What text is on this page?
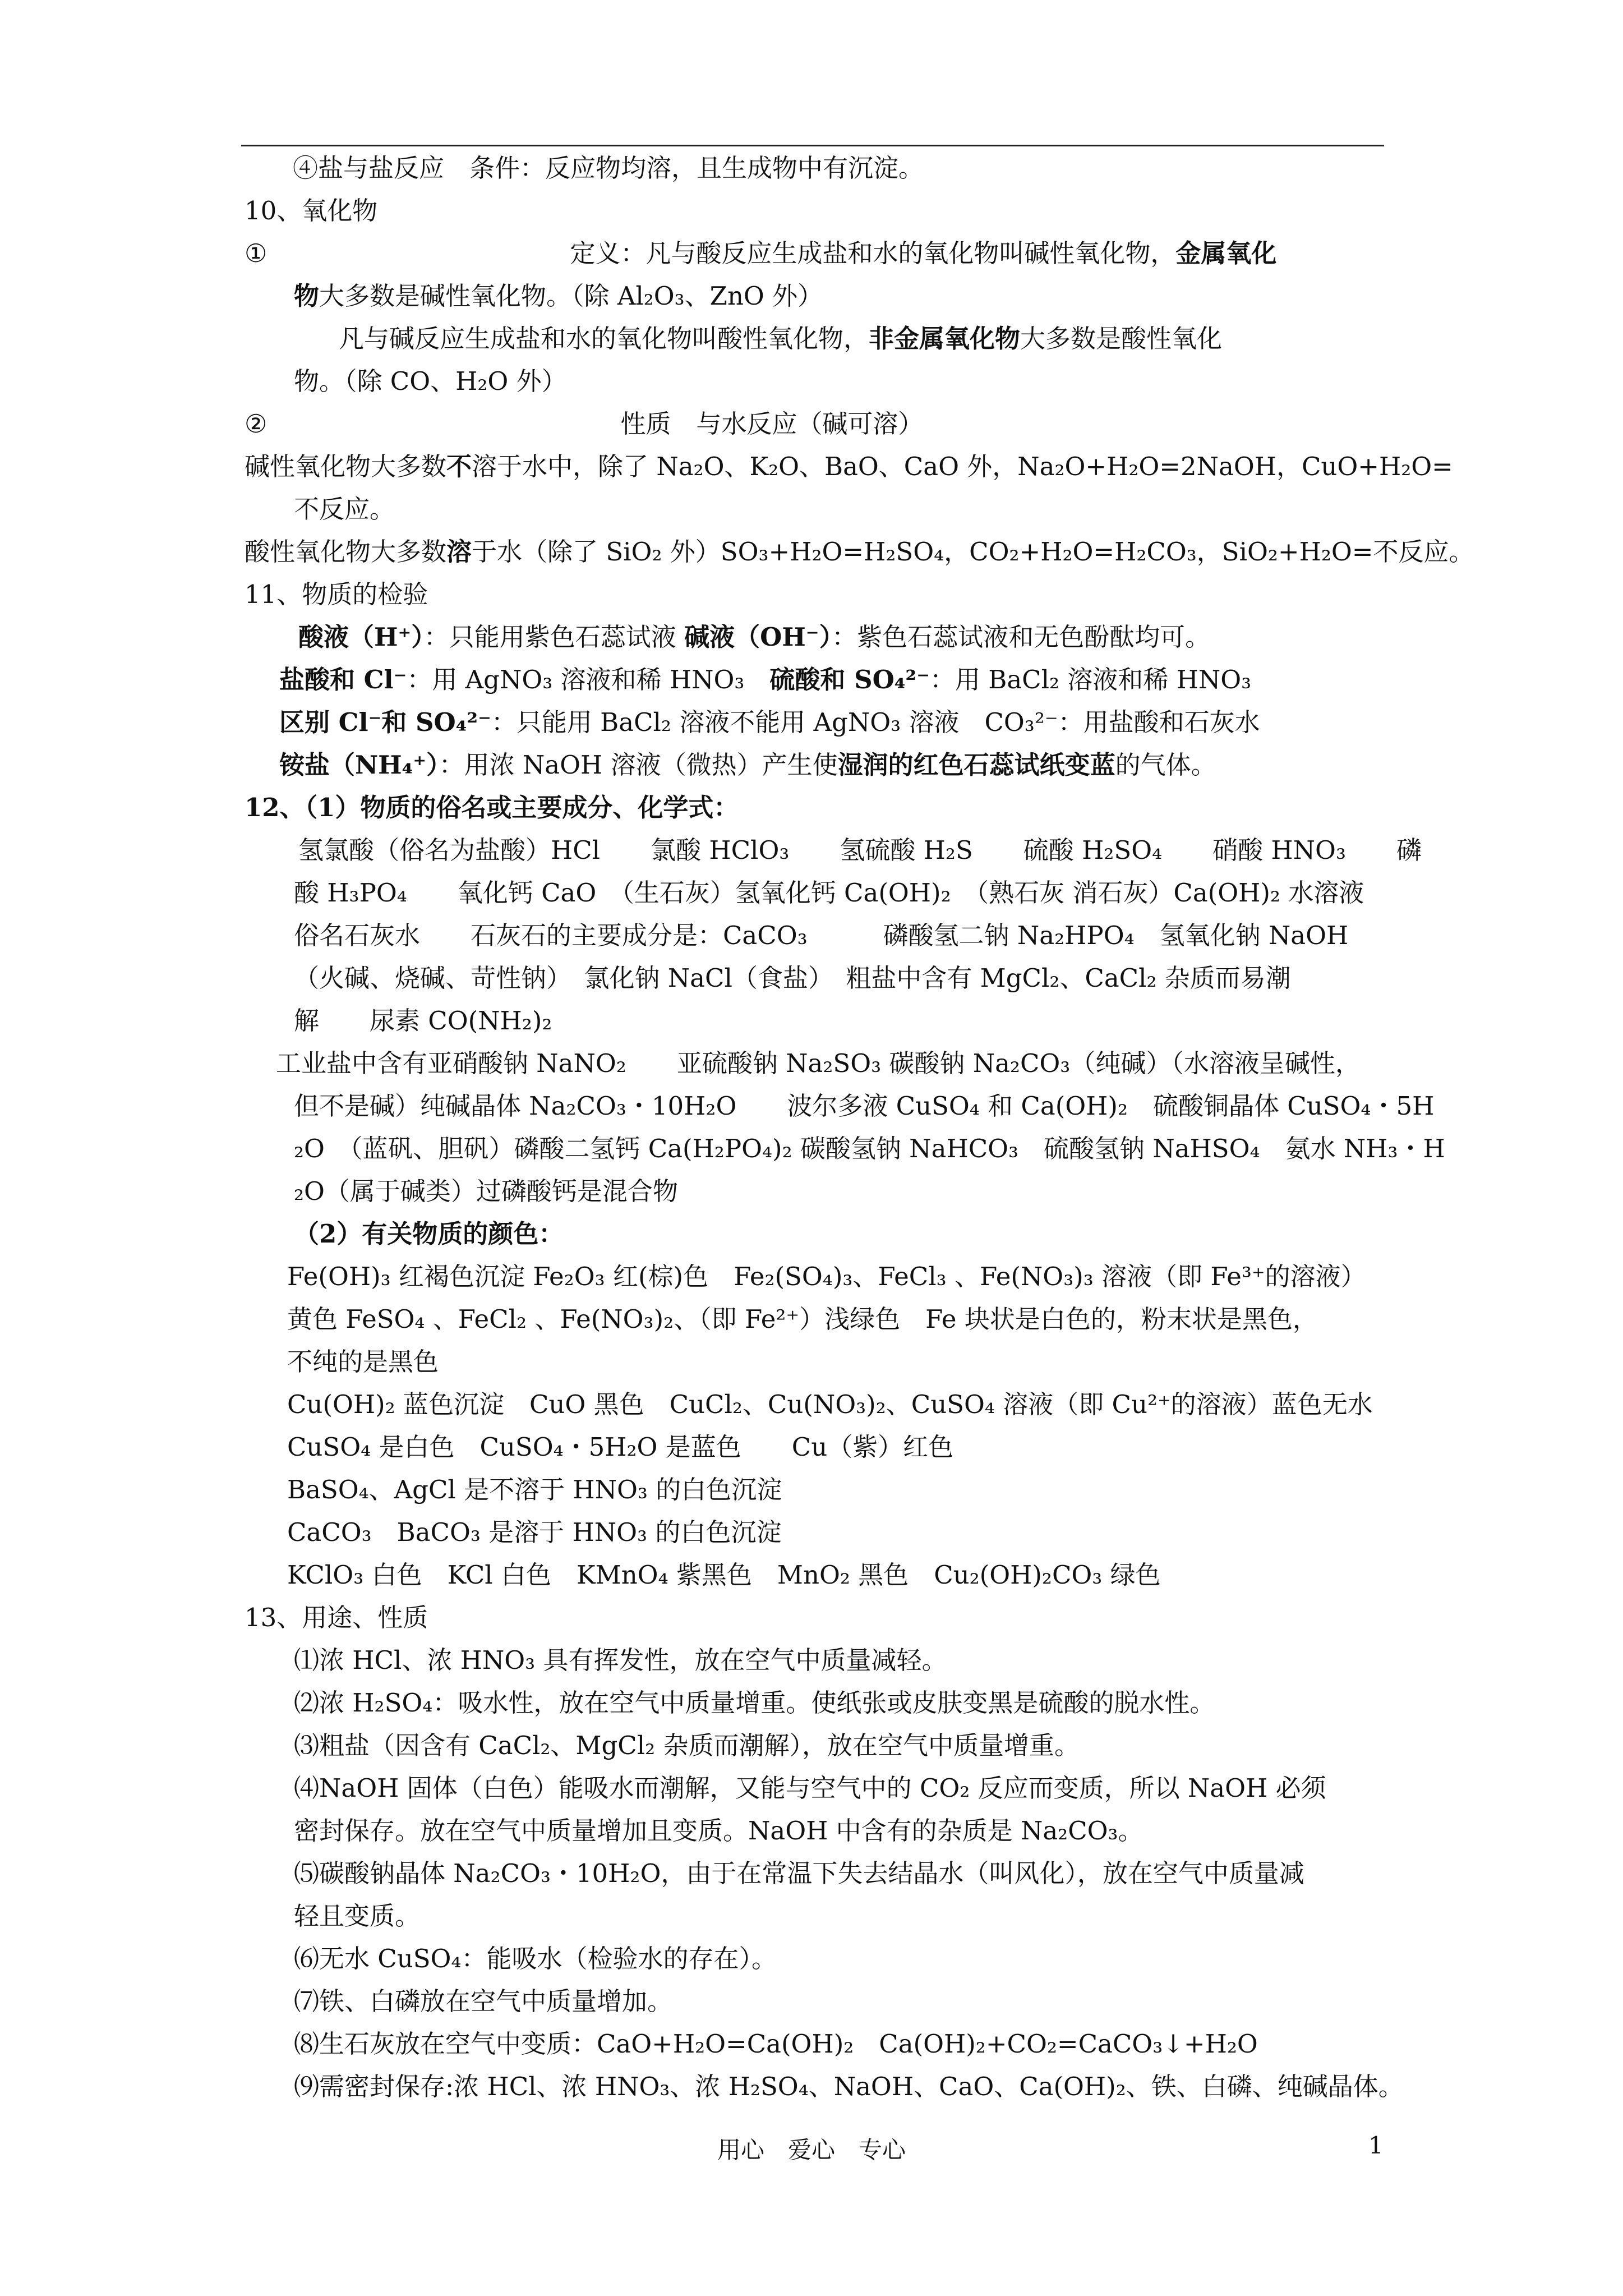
④盐与盐反应　条件：反应物均溶，且生成物中有沉淀。
10、氧化物
①	定义：凡与酸反应生成盐和水的氧化物叫碱性氧化物，金属氧化
物大多数是碱性氧化物。（除 Al₂O₃、ZnO 外）
凡与碱反应生成盐和水的氧化物叫酸性氧化物，非金属氧化物大多数是酸性氧化
物。（除 CO、H₂O 外）
②	性质　与水反应（碱可溶）
碱性氧化物大多数不溶于水中，除了 Na₂O、K₂O、BaO、CaO 外，Na₂O+H₂O=2NaOH，CuO+H₂O=
不反应。
酸性氧化物大多数溶于水（除了 SiO₂ 外）SO₃+H₂O=H₂SO₄，CO₂+H₂O=H₂CO₃，SiO₂+H₂O=不反应。
11、物质的检验
酸液（H⁺）：只能用紫色石蕊试液 碱液（OH⁻）：紫色石蕊试液和无色酚酞均可。
盐酸和 Cl⁻：用 AgNO₃ 溶液和稀 HNO₃　硫酸和 SO₄²⁻：用 BaCl₂ 溶液和稀 HNO₃
区别 Cl⁻和 SO₄²⁻：只能用 BaCl₂ 溶液不能用 AgNO₃ 溶液　CO₃²⁻：用盐酸和石灰水
铵盐（NH₄⁺）：用浓 NaOH 溶液（微热）产生使湿润的红色石蕊试纸变蓝的气体。
12、（1）物质的俗名或主要成分、化学式：
氢氯酸（俗名为盐酸）HCl　　氯酸 HClO₃　　氢硫酸 H₂S　　硫酸 H₂SO₄　　硝酸 HNO₃　　磷
酸 H₃PO₄　　氧化钙 CaO　（生石灰）氢氧化钙 Ca(OH)₂　（熟石灰 消石灰）Ca(OH)₂ 水溶液
俗名石灰水　　石灰石的主要成分是：CaCO₃　　　磷酸氢二钠 Na₂HPO₄　氢氧化钠 NaOH
（火碱、烧碱、苛性钠）　氯化钠 NaCl（食盐）　粗盐中含有 MgCl₂、CaCl₂ 杂质而易潮
解　　尿素 CO(NH₂)₂
工业盐中含有亚硝酸钠 NaNO₂　　亚硫酸钠 Na₂SO₃ 碳酸钠 Na₂CO₃（纯碱）（水溶液呈碱性，
但不是碱）纯碱晶体 Na₂CO₃・10H₂O　　波尔多液 CuSO₄ 和 Ca(OH)₂　硫酸铜晶体 CuSO₄・5H
₂O　（蓝矾、胆矾）磷酸二氢钙 Ca(H₂PO₄)₂ 碳酸氢钠 NaHCO₃　硫酸氢钠 NaHSO₄　氨水 NH₃・H
₂O（属于碱类）过磷酸钙是混合物
（2）有关物质的颜色：
Fe(OH)₃ 红褐色沉淀 Fe₂O₃ 红(棕)色　Fe₂(SO₄)₃、FeCl₃ 、Fe(NO₃)₃ 溶液（即 Fe³⁺的溶液）
黄色 FeSO₄ 、FeCl₂ 、Fe(NO₃)₂、（即 Fe²⁺）浅绿色　Fe 块状是白色的，粉末状是黑色，
不纯的是黑色
Cu(OH)₂ 蓝色沉淀　CuO 黑色　CuCl₂、Cu(NO₃)₂、CuSO₄ 溶液（即 Cu²⁺的溶液）蓝色无水
CuSO₄ 是白色　CuSO₄・5H₂O 是蓝色　　Cu（紫）红色
BaSO₄、AgCl 是不溶于 HNO₃ 的白色沉淀
CaCO₃　BaCO₃ 是溶于 HNO₃ 的白色沉淀
KClO₃ 白色　KCl 白色　KMnO₄ 紫黑色　MnO₂ 黑色　Cu₂(OH)₂CO₃ 绿色
13、用途、性质
⑴浓 HCl、浓 HNO₃ 具有挥发性，放在空气中质量减轻。
⑵浓 H₂SO₄：吸水性，放在空气中质量增重。使纸张或皮肤变黑是硫酸的脱水性。
⑶粗盐（因含有 CaCl₂、MgCl₂ 杂质而潮解），放在空气中质量增重。
⑷NaOH 固体（白色）能吸水而潮解，又能与空气中的 CO₂ 反应而变质，所以 NaOH 必须
密封保存。放在空气中质量增加且变质。NaOH 中含有的杂质是 Na₂CO₃。
⑸碳酸钠晶体 Na₂CO₃・10H₂O，由于在常温下失去结晶水（叫风化），放在空气中质量减
轻且变质。
⑹无水 CuSO₄：能吸水（检验水的存在）。
⑺铁、白磷放在空气中质量增加。
⑻生石灰放在空气中变质：CaO+H₂O=Ca(OH)₂　Ca(OH)₂+CO₂=CaCO₃↓+H₂O
⑼需密封保存:浓 HCl、浓 HNO₃、浓 H₂SO₄、NaOH、CaO、Ca(OH)₂、铁、白磷、纯碱晶体。
用心　爱心　专心	1
